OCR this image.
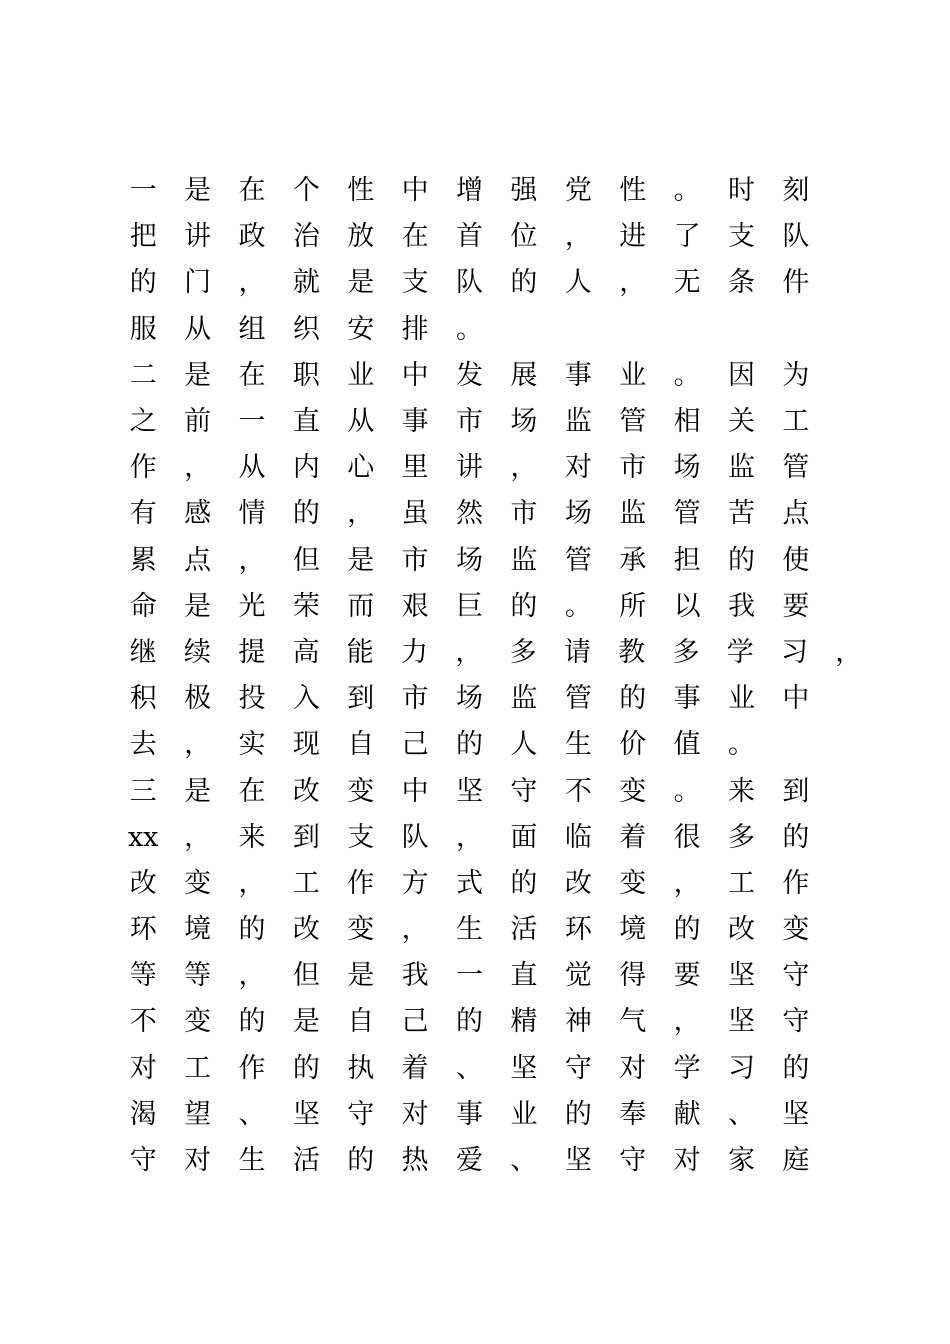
一	是	在	个	性	中	增	强	党	性	。	时	刻
把	讲	政	治	放	在	首	位	，	进	了	支	队
的	门	，	就	是	支	队	的	人	，	无	条	件
服	从	组	织	安	排	。
二	是	在	职	业	中	发	展	事	业	。	因	为
之	前	一	直	从	事	市	场	监	管	相	关	工
作	，	从	内	心	里	讲	，	对	市	场	监	管
有	感	情	的	，	虽	然	市	场	监	管	苦	点
累	点	，	但	是	市	场	监	管	承	担	的	使
命	是	光	荣	而	艰	巨	的	。	所	以	我	要
继	续	提	高	能	力	，	多	请	教	多	学	习	，
积	极	投	入	到	市	场	监	管	的	事	业	中
去	，	实	现	自	己	的	人	生	价	值	。
三	是	在	改	变	中	坚	守	不	变	。	来	到
xx ，	来	到	支	队	，	面	临	着	很	多	的
改	变	，	工	作	方	式	的	改	变	，	工	作
环	境	的	改	变	，	生	活	环	境	的	改	变
等	等	，	但	是	我	一	直	觉	得	要	坚	守
不	变	的	是	自	己	的	精	神	气	，	坚	守
对	工	作	的	执	着	、	坚	守	对	学	习	的
渴	望	、	坚	守	对	事	业	的	奉	献	、	坚
守	对	生	活	的	热	爱	、	坚	守	对	家	庭
